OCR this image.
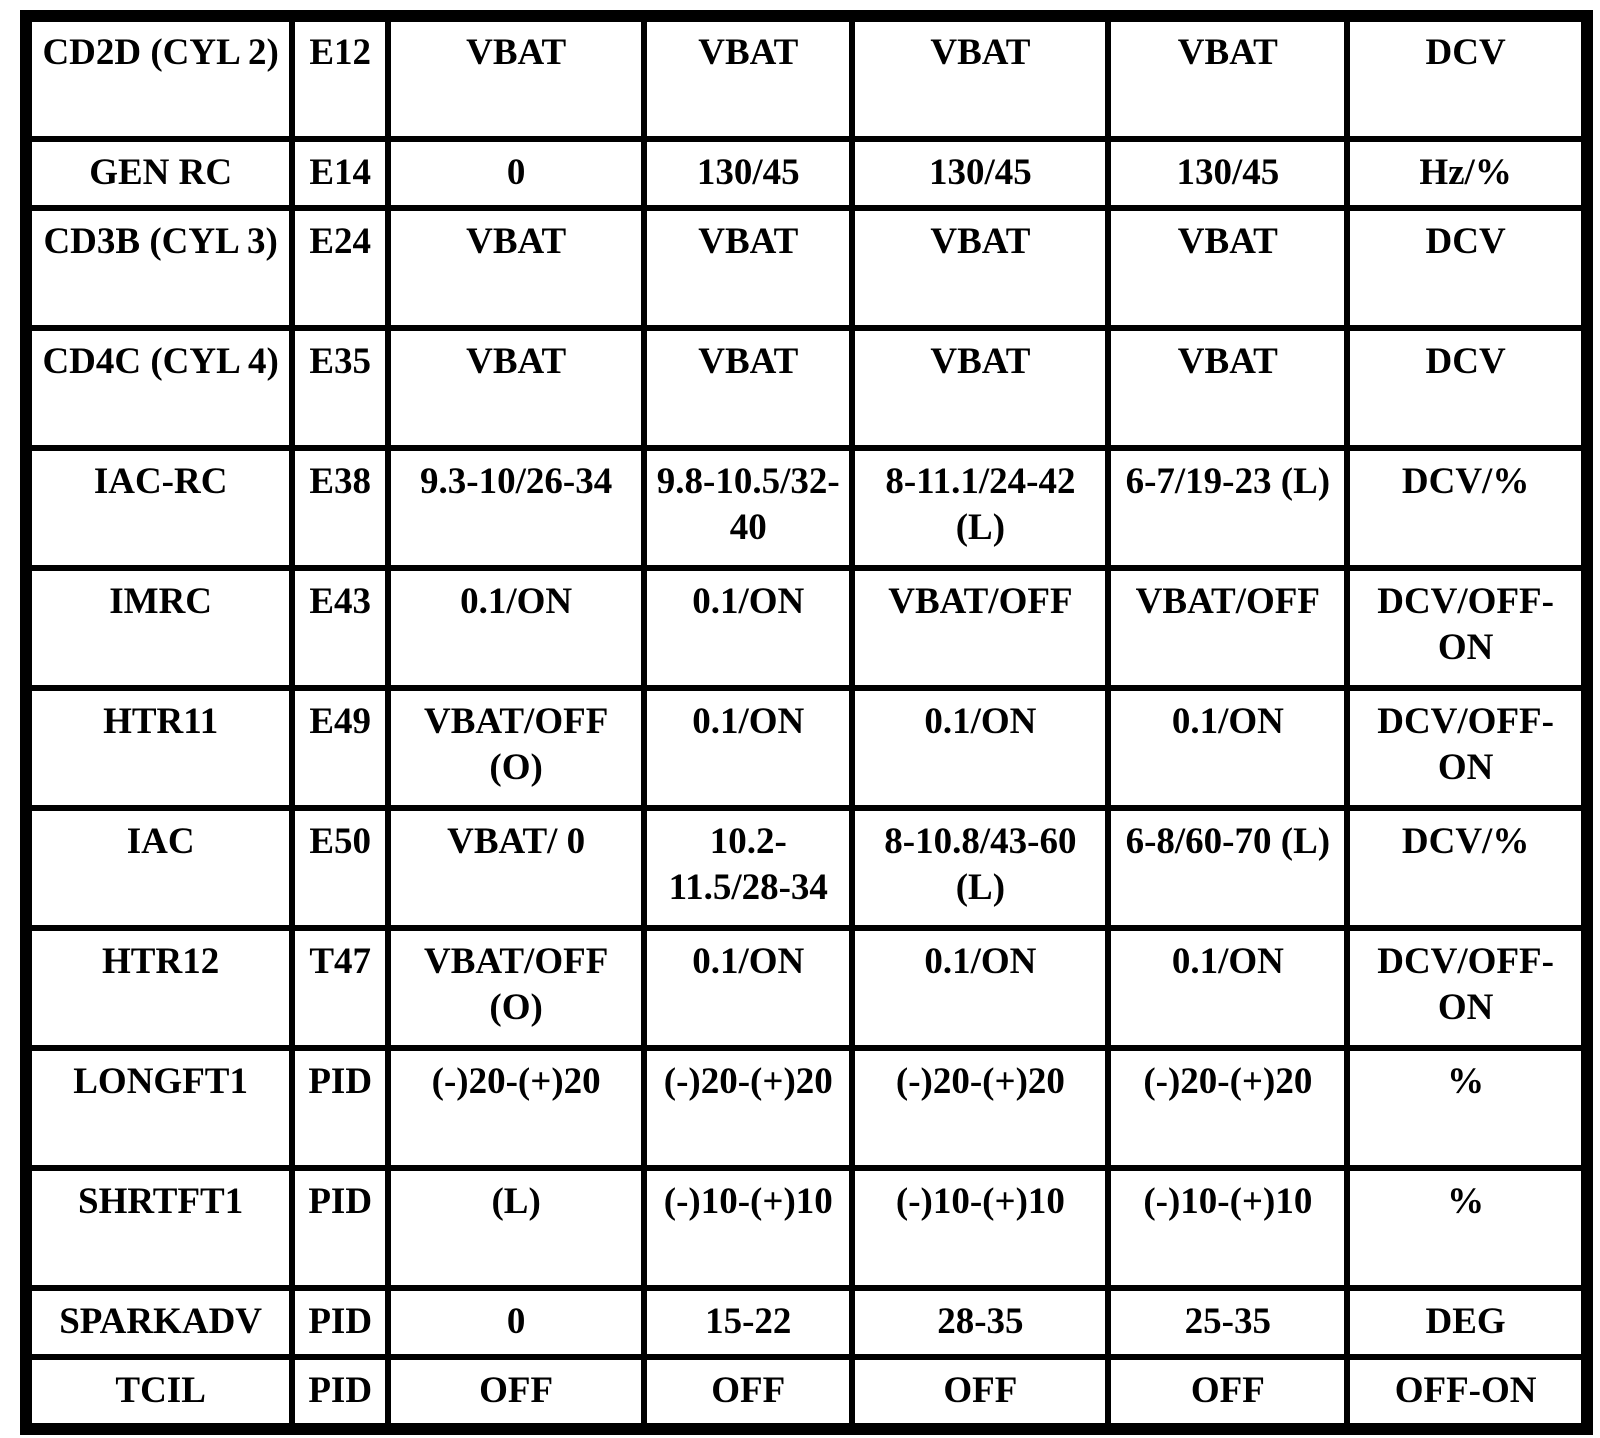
CD2D (CYL 2)	E12	VBAT	VBAT	VBAT	VBAT	DCV
GEN RC	E14	0	130/45	130/45	130/45	Hz/%
CD3B (CYL 3)	E24	VBAT	VBAT	VBAT	VBAT	DCV
CD4C (CYL 4)	E35	VBAT	VBAT	VBAT	VBAT	DCV
IAC-RC	E38	9.3-10/26-34	9.8-10.5/32-40	8-11.1/24-42 (L)	6-7/19-23 (L)	DCV/%
IMRC	E43	0.1/ON	0.1/ON	VBAT/OFF	VBAT/OFF	DCV/OFF-ON
HTR11	E49	VBAT/OFF (O)	0.1/ON	0.1/ON	0.1/ON	DCV/OFF-ON
IAC	E50	VBAT/ 0	10.2-11.5/28-34	8-10.8/43-60 (L)	6-8/60-70 (L)	DCV/%
HTR12	T47	VBAT/OFF (O)	0.1/ON	0.1/ON	0.1/ON	DCV/OFF-ON
LONGFT1	PID	(-)20-(+)20	(-)20-(+)20	(-)20-(+)20	(-)20-(+)20	%
SHRTFT1	PID	(L)	(-)10-(+)10	(-)10-(+)10	(-)10-(+)10	%
SPARKADV	PID	0	15-22	28-35	25-35	DEG
TCIL	PID	OFF	OFF	OFF	OFF	OFF-ON
